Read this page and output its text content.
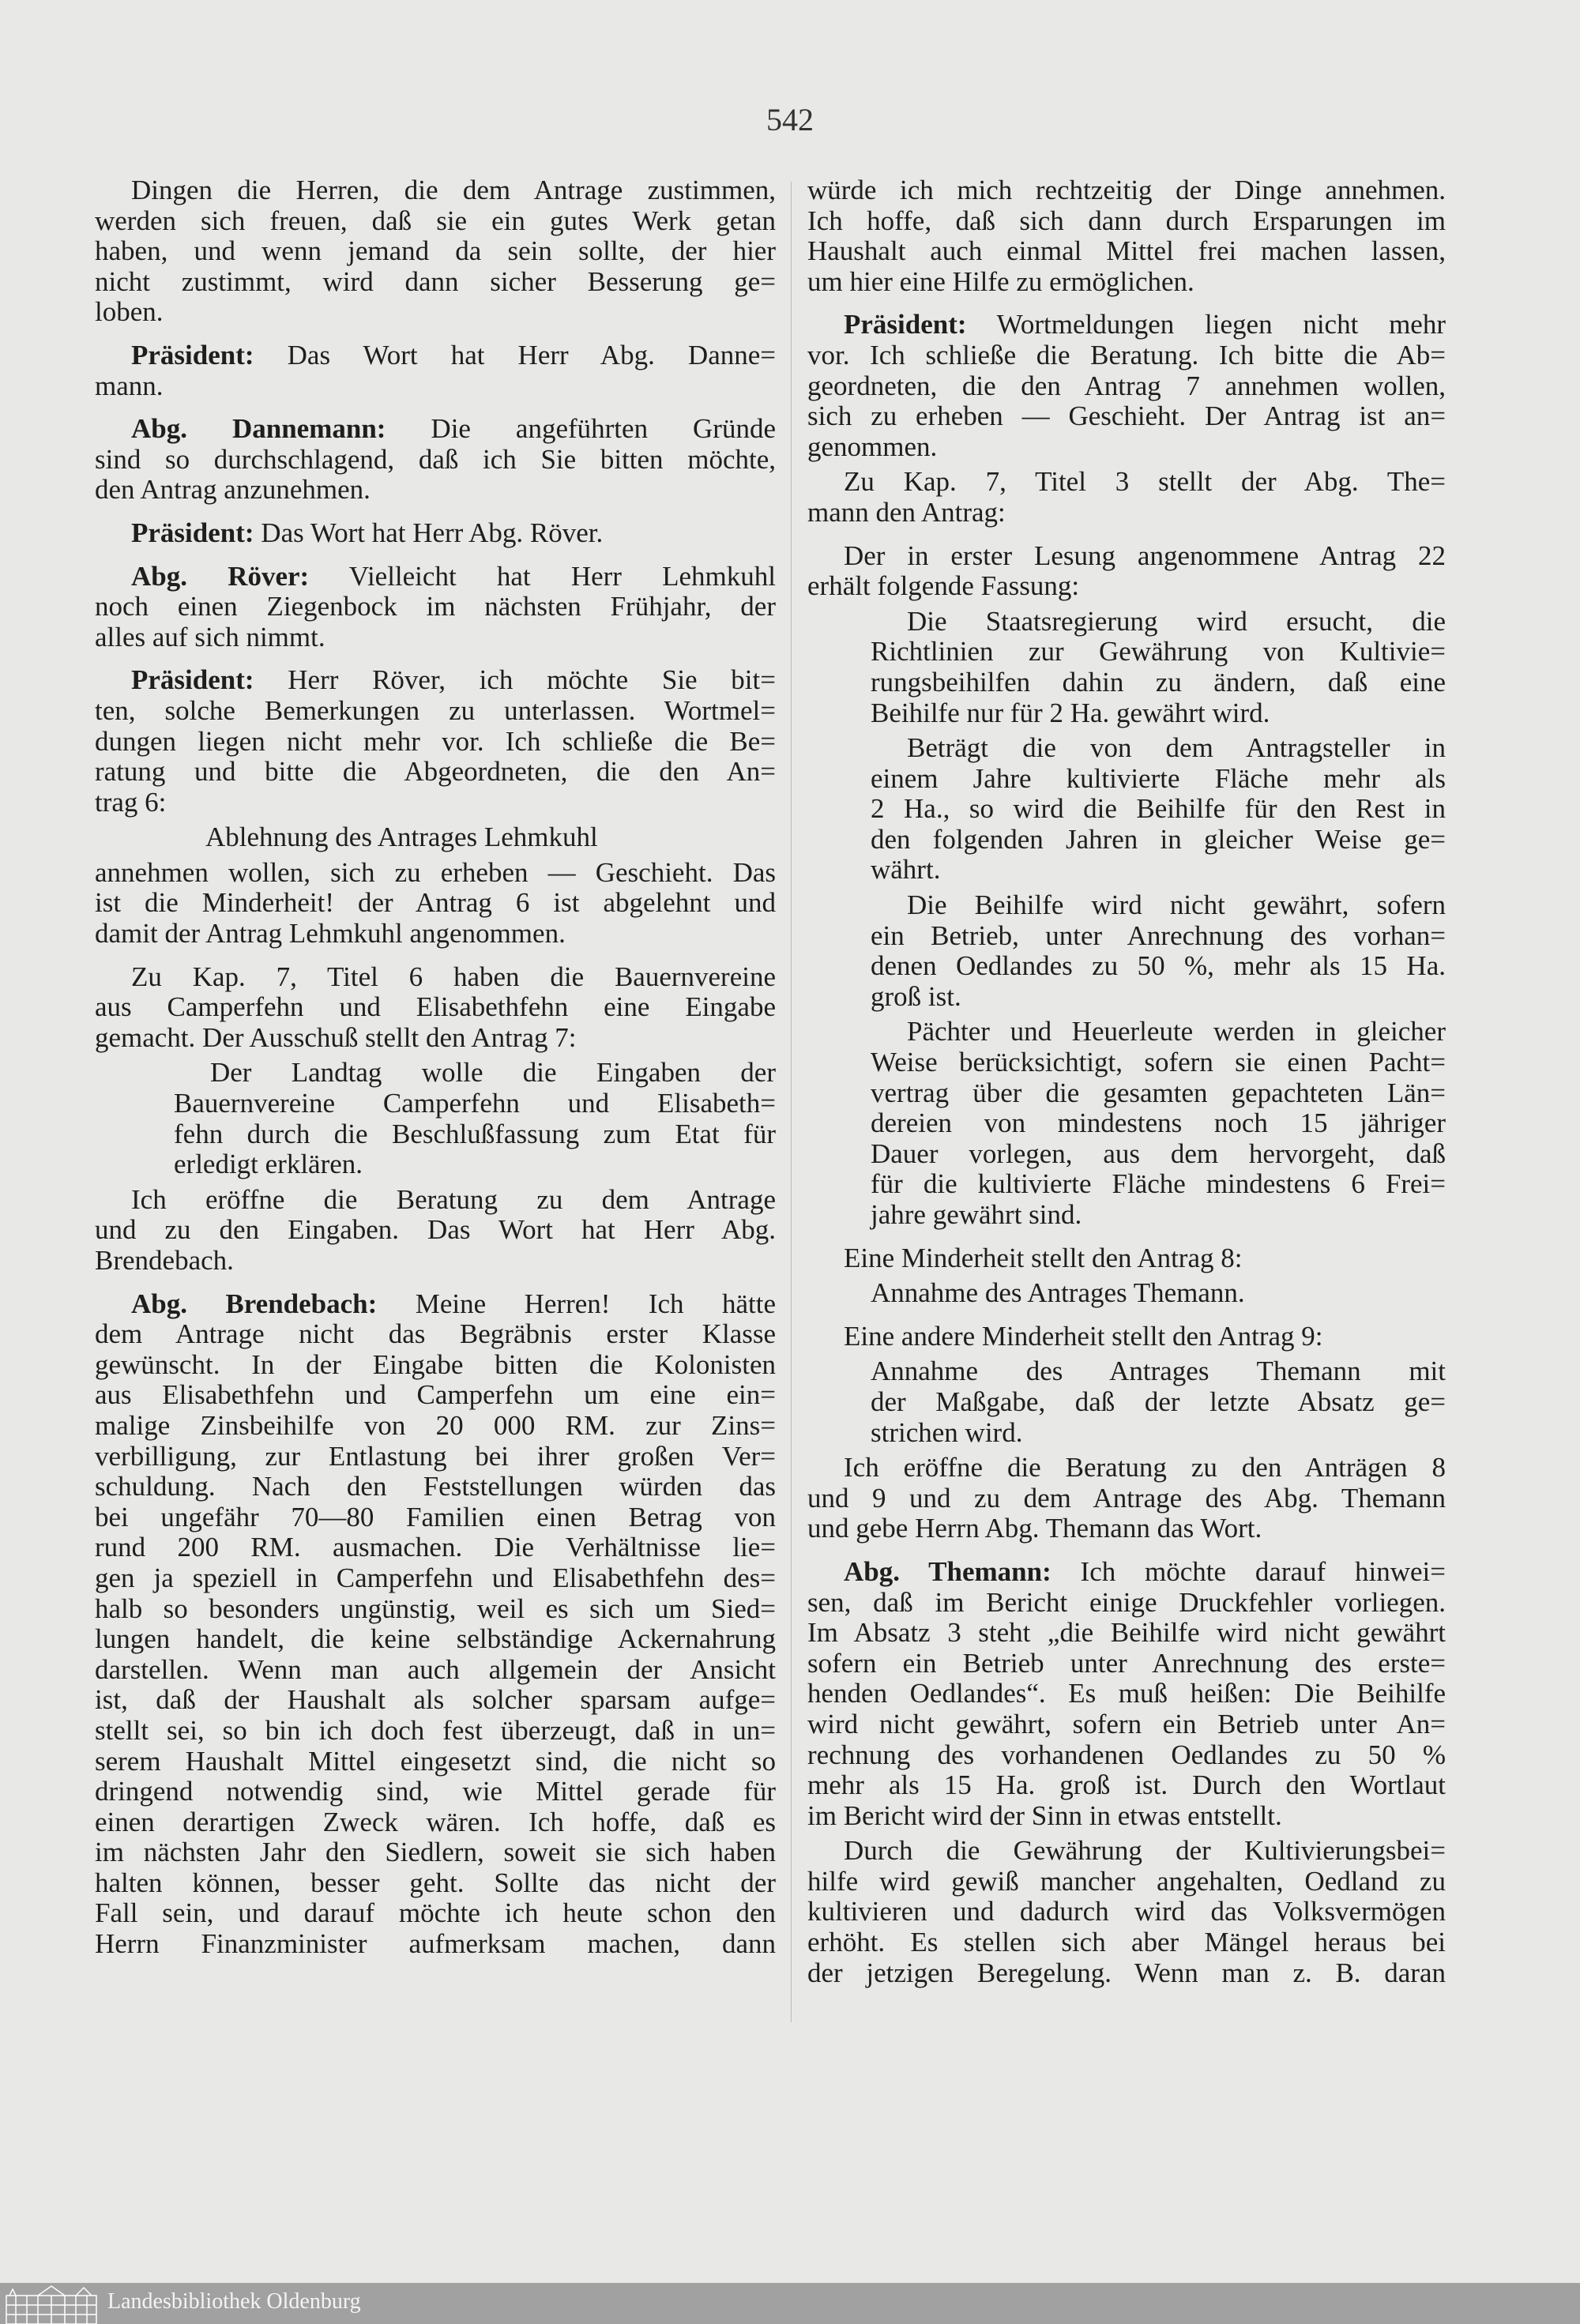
542
Dingen die Herren, die dem Antrage zustimmen,
werden sich freuen, daß sie ein gutes Werk getan
haben, und wenn jemand da sein sollte, der hier
nicht zustimmt, wird dann sicher Besserung ge=
loben.
Präsident: Das Wort hat Herr Abg. Danne=
mann.
Abg. Dannemann: Die angeführten Gründe
sind so durchschlagend, daß ich Sie bitten möchte,
den Antrag anzunehmen.
Präsident: Das Wort hat Herr Abg. Röver.
Abg. Röver: Vielleicht hat Herr Lehmkuhl
noch einen Ziegenbock im nächsten Frühjahr, der
alles auf sich nimmt.
Präsident: Herr Röver, ich möchte Sie bit=
ten, solche Bemerkungen zu unterlassen. Wortmel=
dungen liegen nicht mehr vor. Ich schließe die Be=
ratung und bitte die Abgeordneten, die den An=
trag 6:
Ablehnung des Antrages Lehmkuhl
annehmen wollen, sich zu erheben — Geschieht. Das
ist die Minderheit! der Antrag 6 ist abgelehnt und
damit der Antrag Lehmkuhl angenommen.
Zu Kap. 7, Titel 6 haben die Bauernvereine
aus Camperfehn und Elisabethfehn eine Eingabe
gemacht. Der Ausschuß stellt den Antrag 7:
Der Landtag wolle die Eingaben der
Bauernvereine Camperfehn und Elisabeth=
fehn durch die Beschlußfassung zum Etat für
erledigt erklären.
Ich eröffne die Beratung zu dem Antrage
und zu den Eingaben. Das Wort hat Herr Abg.
Brendebach.
Abg. Brendebach: Meine Herren! Ich hätte
dem Antrage nicht das Begräbnis erster Klasse
gewünscht. In der Eingabe bitten die Kolonisten
aus Elisabethfehn und Camperfehn um eine ein=
malige Zinsbeihilfe von 20 000 RM. zur Zins=
verbilligung, zur Entlastung bei ihrer großen Ver=
schuldung. Nach den Feststellungen würden das
bei ungefähr 70—80 Familien einen Betrag von
rund 200 RM. ausmachen. Die Verhältnisse lie=
gen ja speziell in Camperfehn und Elisabethfehn des=
halb so besonders ungünstig, weil es sich um Sied=
lungen handelt, die keine selbständige Ackernahrung
darstellen. Wenn man auch allgemein der Ansicht
ist, daß der Haushalt als solcher sparsam aufge=
stellt sei, so bin ich doch fest überzeugt, daß in un=
serem Haushalt Mittel eingesetzt sind, die nicht so
dringend notwendig sind, wie Mittel gerade für
einen derartigen Zweck wären. Ich hoffe, daß es
im nächsten Jahr den Siedlern, soweit sie sich haben
halten können, besser geht. Sollte das nicht der
Fall sein, und darauf möchte ich heute schon den
Herrn Finanzminister aufmerksam machen, dann
würde ich mich rechtzeitig der Dinge annehmen.
Ich hoffe, daß sich dann durch Ersparungen im
Haushalt auch einmal Mittel frei machen lassen,
um hier eine Hilfe zu ermöglichen.
Präsident: Wortmeldungen liegen nicht mehr
vor. Ich schließe die Beratung. Ich bitte die Ab=
geordneten, die den Antrag 7 annehmen wollen,
sich zu erheben — Geschieht. Der Antrag ist an=
genommen.
Zu Kap. 7, Titel 3 stellt der Abg. The=
mann den Antrag:
Der in erster Lesung angenommene Antrag 22
erhält folgende Fassung:
Die Staatsregierung wird ersucht, die
Richtlinien zur Gewährung von Kultivie=
rungsbeihilfen dahin zu ändern, daß eine
Beihilfe nur für 2 Ha. gewährt wird.
Beträgt die von dem Antragsteller in
einem Jahre kultivierte Fläche mehr als
2 Ha., so wird die Beihilfe für den Rest in
den folgenden Jahren in gleicher Weise ge=
währt.
Die Beihilfe wird nicht gewährt, sofern
ein Betrieb, unter Anrechnung des vorhan=
denen Oedlandes zu 50 %, mehr als 15 Ha.
groß ist.
Pächter und Heuerleute werden in gleicher
Weise berücksichtigt, sofern sie einen Pacht=
vertrag über die gesamten gepachteten Län=
dereien von mindestens noch 15 jähriger
Dauer vorlegen, aus dem hervorgeht, daß
für die kultivierte Fläche mindestens 6 Frei=
jahre gewährt sind.
Eine Minderheit stellt den Antrag 8:
Annahme des Antrages Themann.
Eine andere Minderheit stellt den Antrag 9:
Annahme des Antrages Themann mit
der Maßgabe, daß der letzte Absatz ge=
strichen wird.
Ich eröffne die Beratung zu den Anträgen 8
und 9 und zu dem Antrage des Abg. Themann
und gebe Herrn Abg. Themann das Wort.
Abg. Themann: Ich möchte darauf hinwei=
sen, daß im Bericht einige Druckfehler vorliegen.
Im Absatz 3 steht „die Beihilfe wird nicht gewährt
sofern ein Betrieb unter Anrechnung des erste=
henden Oedlandes“. Es muß heißen: Die Beihilfe
wird nicht gewährt, sofern ein Betrieb unter An=
rechnung des vorhandenen Oedlandes zu 50 %
mehr als 15 Ha. groß ist. Durch den Wortlaut
im Bericht wird der Sinn in etwas entstellt.
Durch die Gewährung der Kultivierungsbei=
hilfe wird gewiß mancher angehalten, Oedland zu
kultivieren und dadurch wird das Volksvermögen
erhöht. Es stellen sich aber Mängel heraus bei
der jetzigen Beregelung. Wenn man z. B. daran
Landesbibliothek Oldenburg
